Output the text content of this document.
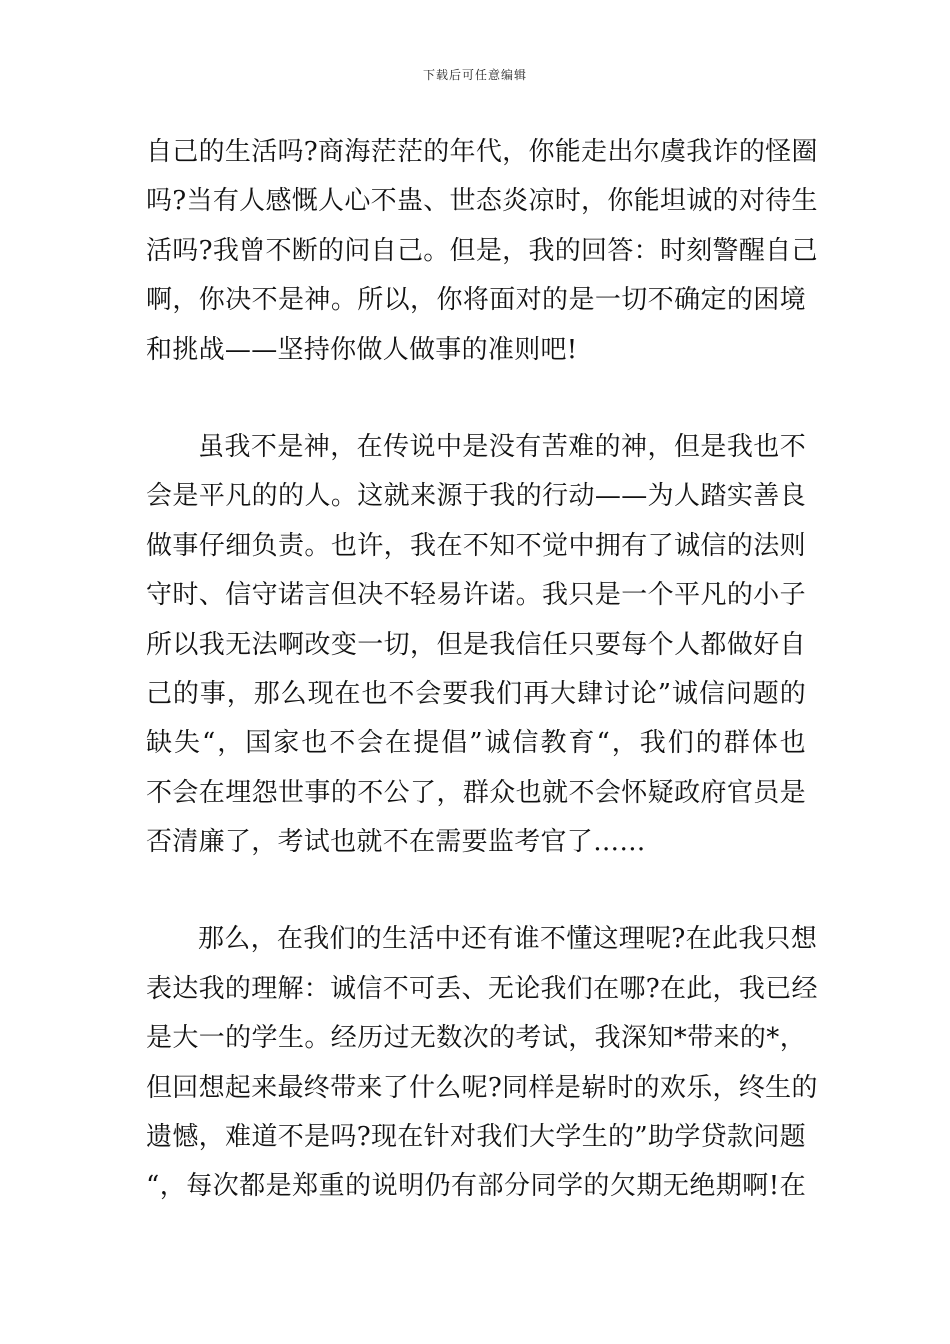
下载后可任意编辑
自己的生活吗?商海茫茫的年代，你能走出尔虞我诈的怪圈
吗?当有人感慨人心不蛊、世态炎凉时，你能坦诚的对待生
活吗?我曾不断的问自己。但是，我的回答：时刻警醒自己
啊，你决不是神。所以，你将面对的是一切不确定的困境
和挑战——坚持你做人做事的准则吧!
虽我不是神，在传说中是没有苦难的神，但是我也不
会是平凡的的人。这就来源于我的行动——为人踏实善良
做事仔细负责。也许，我在不知不觉中拥有了诚信的法则
守时、信守诺言但决不轻易许诺。我只是一个平凡的小子
所以我无法啊改变一切，但是我信任只要每个人都做好自
己的事，那么现在也不会要我们再大肆讨论”诚信问题的
缺失“，国家也不会在提倡”诚信教育“，我们的群体也
不会在埋怨世事的不公了，群众也就不会怀疑政府官员是
否清廉了，考试也就不在需要监考官了……
那么，在我们的生活中还有谁不懂这理呢?在此我只想
表达我的理解：诚信不可丢、无论我们在哪?在此，我已经
是大一的学生。经历过无数次的考试，我深知*带来的*，
但回想起来最终带来了什么呢?同样是崭时的欢乐，终生的
遗憾，难道不是吗?现在针对我们大学生的”助学贷款问题
“，每次都是郑重的说明仍有部分同学的欠期无绝期啊!在
